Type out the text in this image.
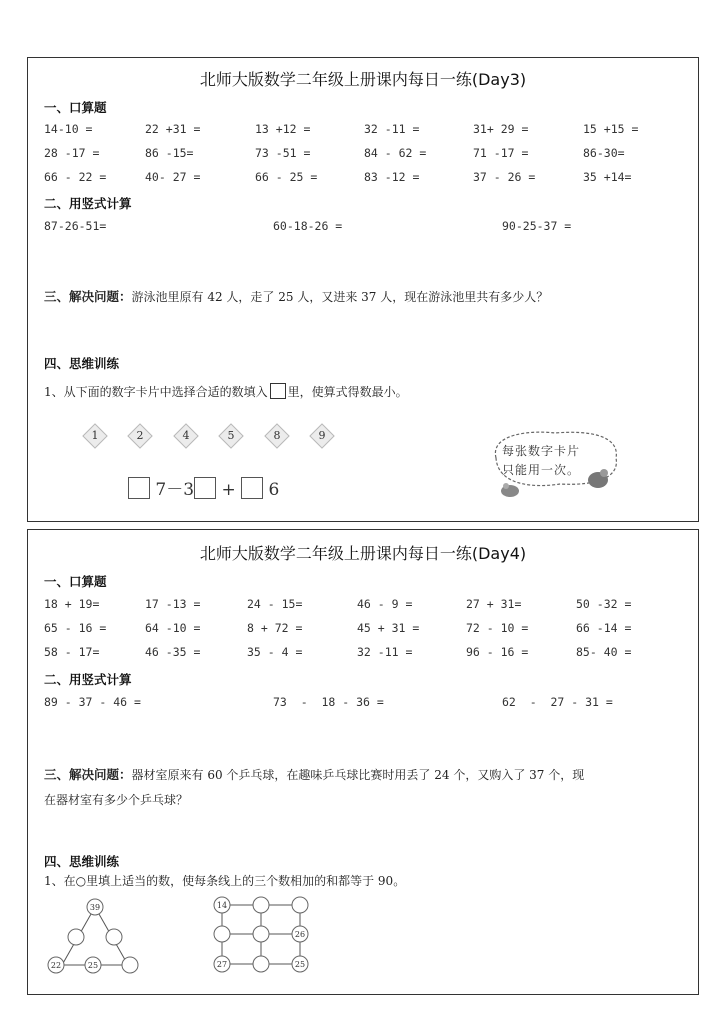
北师大版数学二年级上册课内每日一练(Day3)
一、口算题
14-10 =	22 +31 =	13 +12 =	32 -11 =	31+ 29 =	15 +15 =
28 -17 =	86 -15=	73 -51 =	84 - 62 =	71 -17 =	86-30=
66 - 22 =	40- 27 =	66 - 25 =	83 -12 =	37 - 26 =	35 +14=
二、用竖式计算
87-26-51=	60-18-26 =	90-25-37 =
三、解决问题：游泳池里原有 42 人，走了 25 人，又进来 37 人，现在游泳池里共有多少人？
四、思维训练
1、从下面的数字卡片中选择合适的数填入 里，使算式得数最小。
1	2	4	5	8	9
7－3 + 6
每张数字卡片
只能用一次。
北师大版数学二年级上册课内每日一练(Day4)
一、口算题
18 + 19=	17 -13 =	24 - 15=	46 - 9 =	27 + 31=	50 -32 =
65 - 16 =	64 -10 =	8 + 72 =	45 + 31 =	72 - 10 =	66 -14 =
58 - 17=	46 -35 =	35 - 4 =	32 -11 =	96 - 16 =	85- 40 =
二、用竖式计算
89 - 37 - 46 =	73  -  18 - 36 =	62  -  27 - 31 =
三、解决问题：器材室原来有 60 个乒乓球，在趣味乒乓球比赛时用丢了 24 个，又购入了 37 个，现
在器材室有多少个乒乓球？
四、思维训练
1、在○里填上适当的数，使每条线上的三个数相加的和都等于 90。
39
22	25
14
26
27	25
